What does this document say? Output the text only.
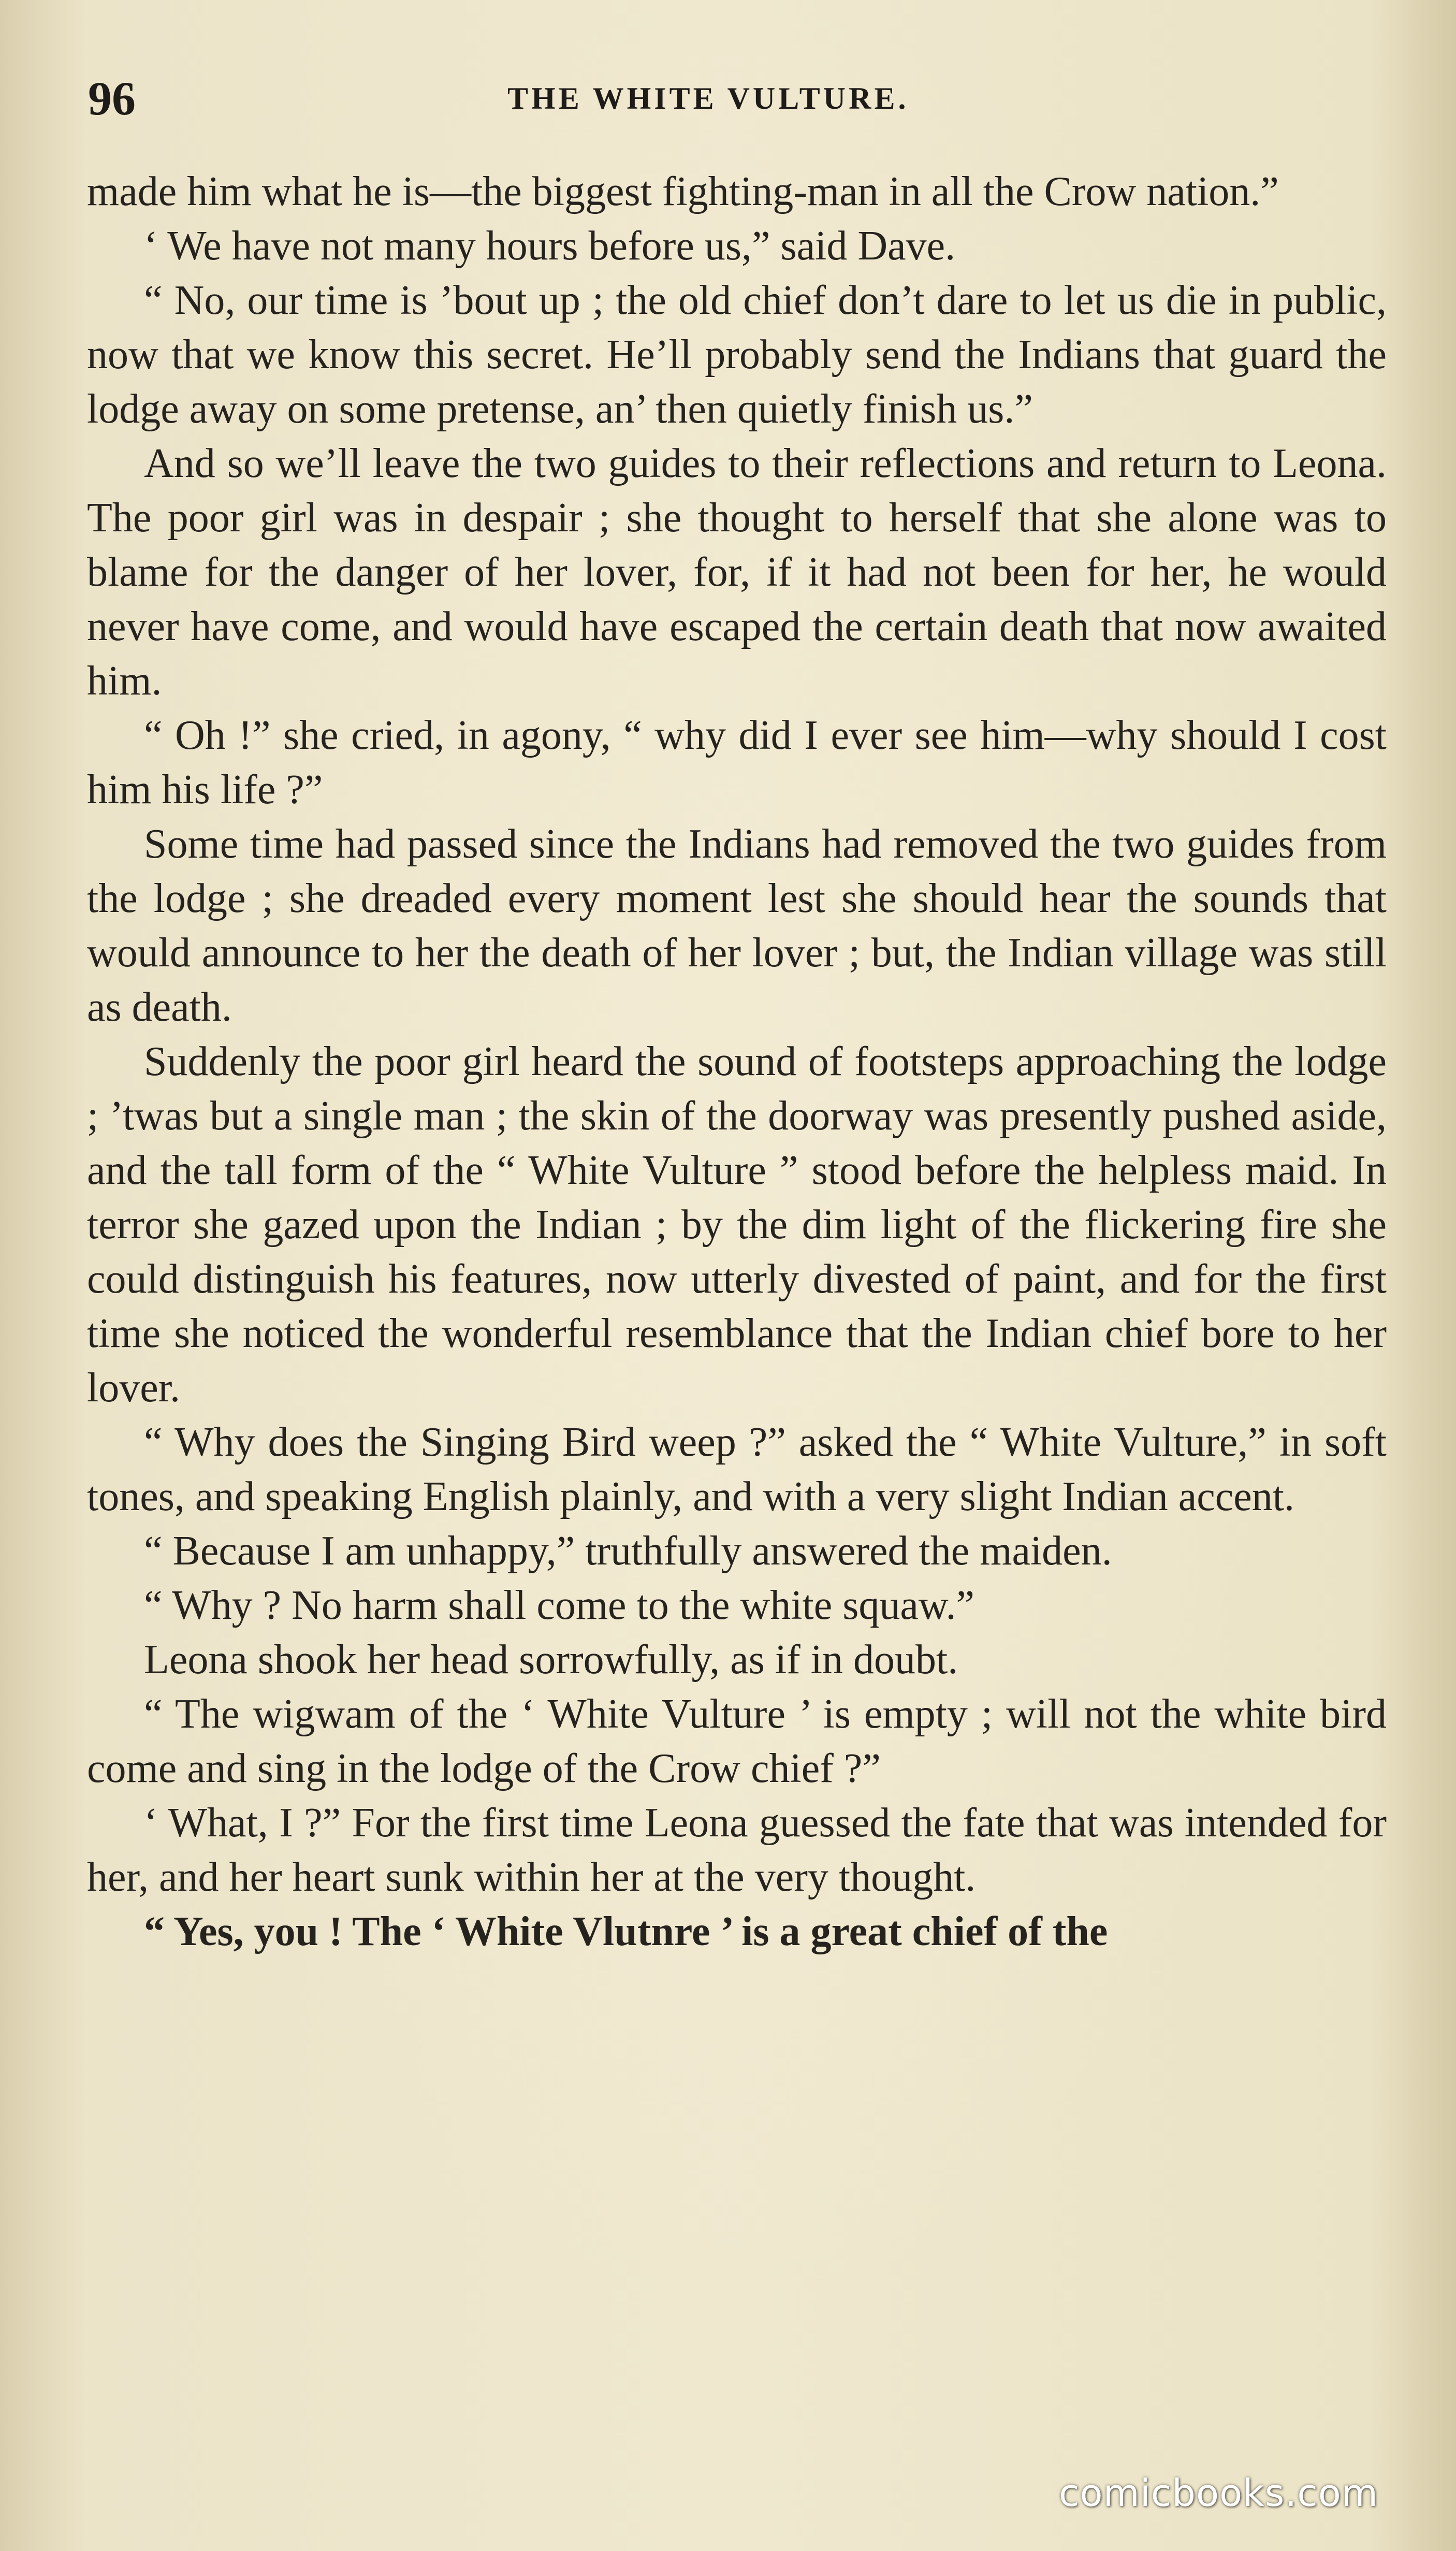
96	THE WHITE VULTURE.

made him what he is—the biggest fighting-man in all the Crow nation.”

‘ We have not many hours before us,” said Dave.

“ No, our time is ’bout up ; the old chief don’t dare to let us die in public, now that we know this secret. He’ll probably send the Indians that guard the lodge away on some pretense, an’ then quietly finish us.”

And so we’ll leave the two guides to their reflections and return to Leona. The poor girl was in despair ; she thought to herself that she alone was to blame for the danger of her lover, for, if it had not been for her, he would never have come, and would have escaped the certain death that now awaited him.

“ Oh !” she cried, in agony, “ why did I ever see him—why should I cost him his life ?”

Some time had passed since the Indians had removed the two guides from the lodge ; she dreaded every moment lest she should hear the sounds that would announce to her the death of her lover ; but, the Indian village was still as death.

Suddenly the poor girl heard the sound of footsteps approaching the lodge ; ’twas but a single man ; the skin of the doorway was presently pushed aside, and the tall form of the “ White Vulture ” stood before the helpless maid. In terror she gazed upon the Indian ; by the dim light of the flickering fire she could distinguish his features, now utterly divested of paint, and for the first time she noticed the wonderful resemblance that the Indian chief bore to her lover.

“ Why does the Singing Bird weep ?” asked the “ White Vulture,” in soft tones, and speaking English plainly, and with a very slight Indian accent.

“ Because I am unhappy,” truthfully answered the maiden.

“ Why ? No harm shall come to the white squaw.”

Leona shook her head sorrowfully, as if in doubt.

“ The wigwam of the ‘ White Vulture ’ is empty ; will not the white bird come and sing in the lodge of the Crow chief ?”

‘ What, I ?” For the first time Leona guessed the fate that was intended for her, and her heart sunk within her at the very thought.

“ Yes, you ! The ‘ White Vlutnre ’ is a great chief of the

comicbooks.com
